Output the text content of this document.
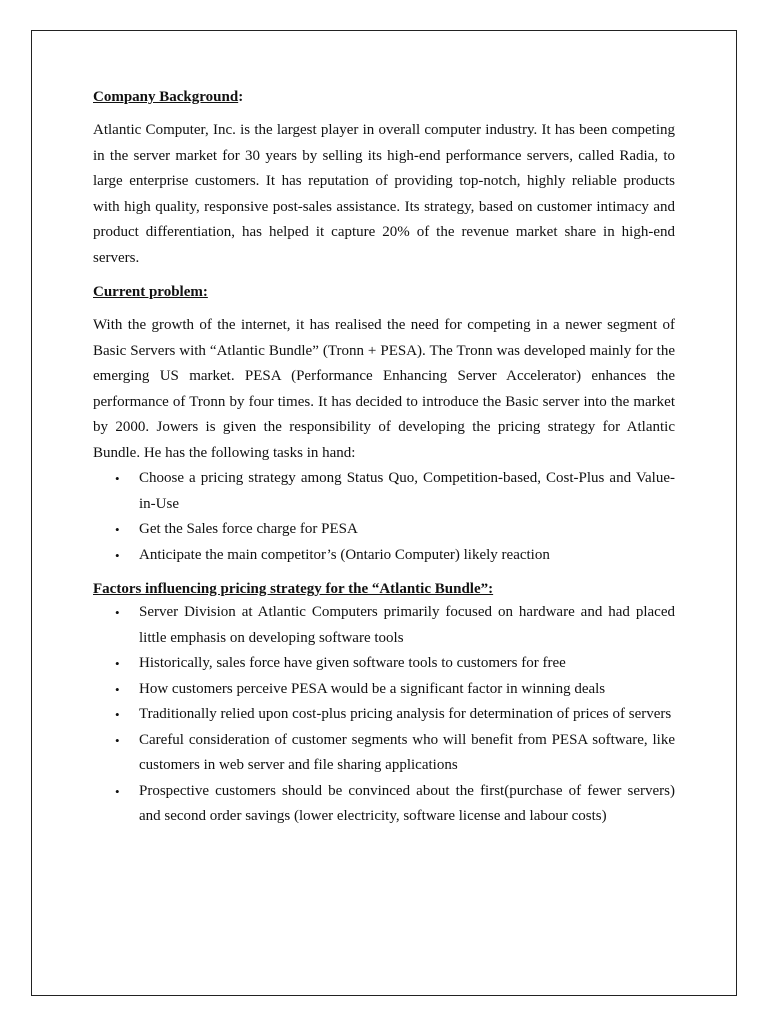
Company Background:

Atlantic Computer, Inc. is the largest player in overall computer industry. It has been competing in the server market for 30 years by selling its high-end performance servers, called Radia, to large enterprise customers. It has reputation of providing top-notch, highly reliable products with high quality, responsive post-sales assistance. Its strategy, based on customer intimacy and product differentiation, has helped it capture 20% of the revenue market share in high-end servers.

Current problem:

With the growth of the internet, it has realised the need for competing in a newer segment of Basic Servers with “Atlantic Bundle” (Tronn + PESA). The Tronn was developed mainly for the emerging US market. PESA (Performance Enhancing Server Accelerator) enhances the performance of Tronn by four times. It has decided to introduce the Basic server into the market by 2000. Jowers is given the responsibility of developing the pricing strategy for Atlantic Bundle. He has the following tasks in hand:

• Choose a pricing strategy among Status Quo, Competition-based, Cost-Plus and Value-in-Use
• Get the Sales force charge for PESA
• Anticipate the main competitor’s (Ontario Computer) likely reaction
Factors influencing pricing strategy for the “Atlantic Bundle”:
• Server Division at Atlantic Computers primarily focused on hardware and had placed little emphasis on developing software tools
• Historically, sales force have given software tools to customers for free
• How customers perceive PESA would be a significant factor in winning deals
• Traditionally relied upon cost-plus pricing analysis for determination of prices of servers
• Careful consideration of customer segments who will benefit from PESA software, like customers in web server and file sharing applications
• Prospective customers should be convinced about the first(purchase of fewer servers) and second order savings (lower electricity, software license and labour costs)
